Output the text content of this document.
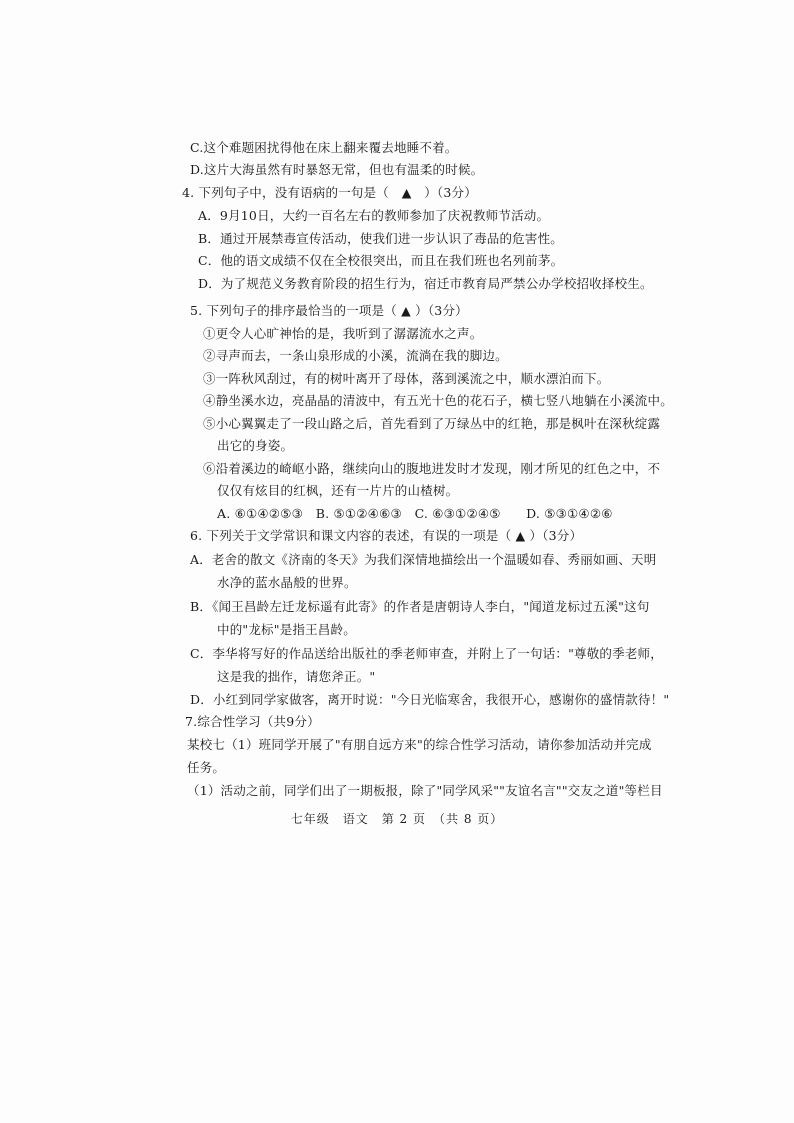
C.这个难题困扰得他在床上翻来覆去地睡不着。
D.这片大海虽然有时暴怒无常，但也有温柔的时候。
4. 下列句子中，没有语病的一句是（　▲　）（3分）
A．9月10日，大约一百名左右的教师参加了庆祝教师节活动。
B．通过开展禁毒宣传活动，使我们进一步认识了毒品的危害性。
C．他的语文成绩不仅在全校很突出，而且在我们班也名列前茅。
D．为了规范义务教育阶段的招生行为，宿迁市教育局严禁公办学校招收择校生。
5. 下列句子的排序最恰当的一项是（ ▲ ）（3分）
①更令人心旷神怡的是，我听到了潺潺流水之声。
②寻声而去，一条山泉形成的小溪，流淌在我的脚边。
③一阵秋风刮过，有的树叶离开了母体，落到溪流之中，顺水漂泊而下。
④静坐溪水边，亮晶晶的清波中，有五光十色的花石子，横七竖八地躺在小溪流中。
⑤小心翼翼走了一段山路之后，首先看到了万绿丛中的红艳，那是枫叶在深秋绽露
出它的身姿。
⑥沿着溪边的崎岖小路，继续向山的腹地进发时才发现，刚才所见的红色之中，不
仅仅有炫目的红枫，还有一片片的山楂树。
A. ⑥①④②⑤③　B. ⑤①②④⑥③　C. ⑥③①②④⑤　　D. ⑤③①④②⑥
6. 下列关于文学常识和课文内容的表述，有误的一项是（ ▲ ）（3分）
A．老舍的散文《济南的冬天》为我们深情地描绘出一个温暖如春、秀丽如画、天明
水净的蓝水晶般的世界。
B．《闻王昌龄左迁龙标遥有此寄》的作者是唐朝诗人李白，"闻道龙标过五溪"这句
中的"龙标"是指王昌龄。
C．李华将写好的作品送给出版社的季老师审查，并附上了一句话："尊敬的季老师，
这是我的拙作，请您斧正。"
D．小红到同学家做客，离开时说："今日光临寒舍，我很开心，感谢你的盛情款待！"
7.综合性学习（共9分）
某校七（1）班同学开展了"有朋自远方来"的综合性学习活动，请你参加活动并完成
任务。
（1）活动之前，同学们出了一期板报，除了"同学风采""友谊名言""交友之道"等栏目
七年级　语文　第 2 页　（共 8 页）
